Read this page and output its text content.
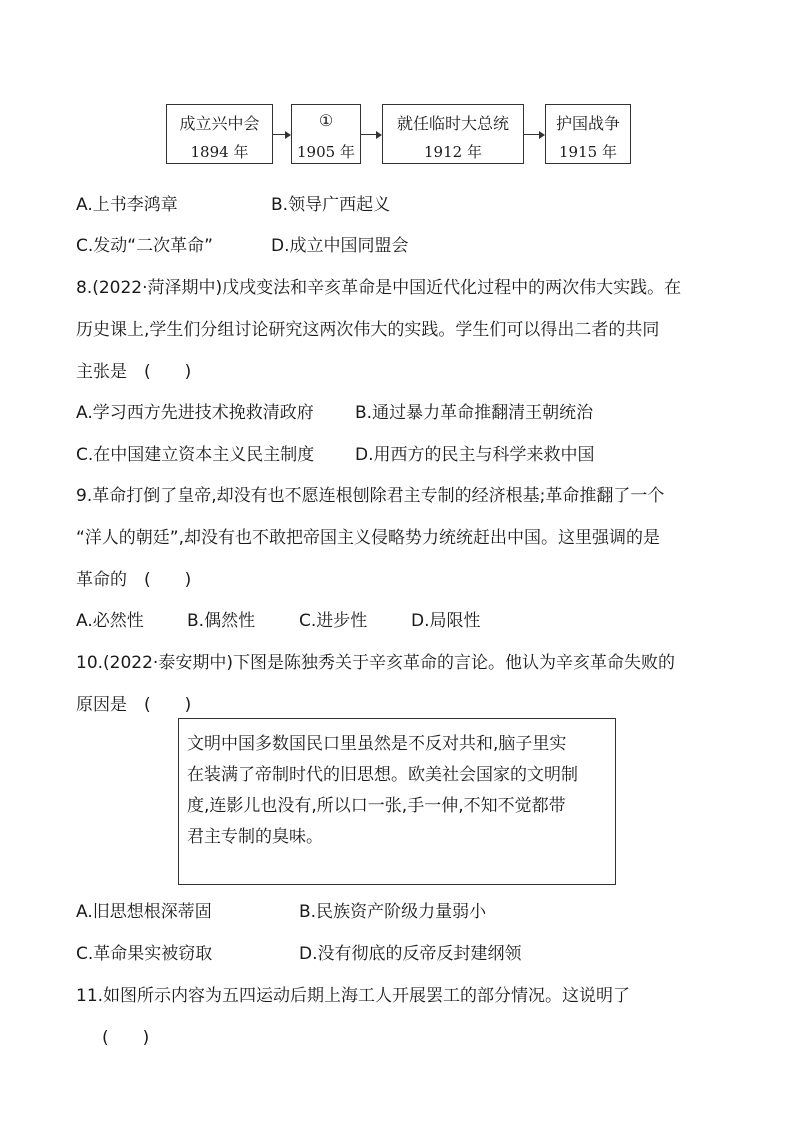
成立兴中会
1894 年
①
1905 年
就任临时大总统
1912 年
护国战争
1915 年
A.上书李鸿章	B.领导广西起义
C.发动“二次革命”	D.成立中国同盟会
8.(2022·菏泽期中)戊戌变法和辛亥革命是中国近代化过程中的两次伟大实践。在
历史课上,学生们分组讨论研究这两次伟大的实践。学生们可以得出二者的共同
主张是　(　　)
A.学习西方先进技术挽救清政府 B.通过暴力革命推翻清王朝统治
C.在中国建立资本主义民主制度 D.用西方的民主与科学来救中国
9.革命打倒了皇帝,却没有也不愿连根刨除君主专制的经济根基;革命推翻了一个
“洋人的朝廷”,却没有也不敢把帝国主义侵略势力统统赶出中国。这里强调的是
革命的　(　　)
A.必然性	B.偶然性	C.进步性	D.局限性
10.(2022·泰安期中)下图是陈独秀关于辛亥革命的言论。他认为辛亥革命失败的
原因是　(　　)
文明中国多数国民口里虽然是不反对共和,脑子里实
在装满了帝制时代的旧思想。欧美社会国家的文明制
度,连影儿也没有,所以口一张,手一伸,不知不觉都带
君主专制的臭味。
A.旧思想根深蒂固	B.民族资产阶级力量弱小
C.革命果实被窃取	D.没有彻底的反帝反封建纲领
11.如图所示内容为五四运动后期上海工人开展罢工的部分情况。这说明了
(　　)
